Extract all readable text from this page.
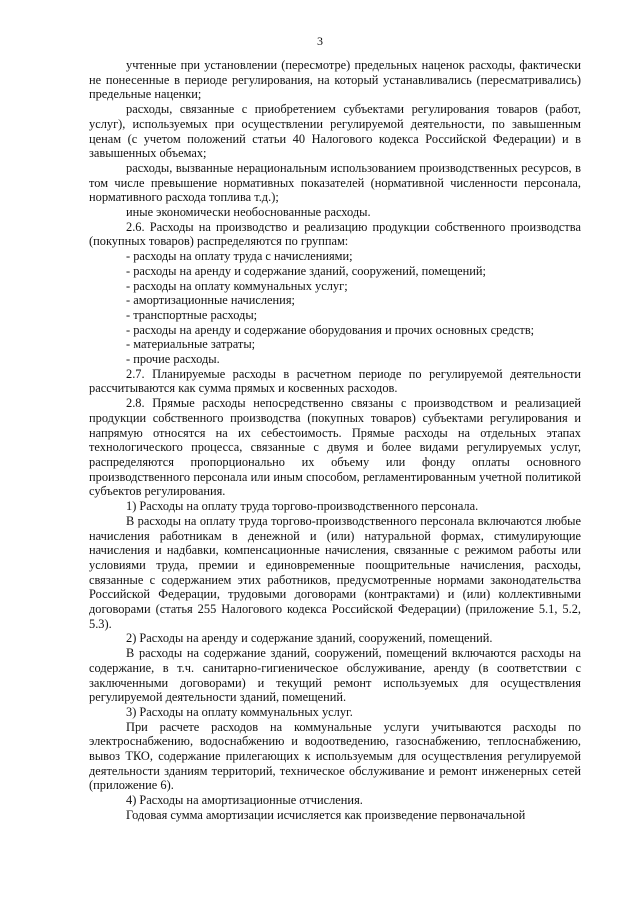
3

учтенные при установлении (пересмотре) предельных наценок расходы, фактически не понесенные в периоде регулирования, на который устанавливались (пересматривались) предельные наценки;

расходы, связанные с приобретением субъектами регулирования товаров (работ, услуг), используемых при осуществлении регулируемой деятельности, по завышенным ценам (с учетом положений статьи 40 Налогового кодекса Российской Федерации) и в завышенных объемах;

расходы, вызванные нерациональным использованием производственных ресурсов, в том числе превышение нормативных показателей (нормативной численности персонала, нормативного расхода топлива т.д.);

иные экономически необоснованные расходы.

2.6. Расходы на производство и реализацию продукции собственного производства (покупных товаров) распределяются по группам:

- расходы на оплату труда с начислениями;

- расходы на аренду и содержание зданий, сооружений, помещений;

- расходы на оплату коммунальных услуг;

- амортизационные начисления;

- транспортные расходы;

- расходы на аренду и содержание оборудования и прочих основных средств;

- материальные затраты;

- прочие расходы.

2.7. Планируемые расходы в расчетном периоде по регулируемой деятельности рассчитываются как сумма прямых и косвенных расходов.

2.8. Прямые расходы непосредственно связаны с производством и реализацией продукции собственного производства (покупных товаров) субъектами регулирования и напрямую относятся на их себестоимость. Прямые расходы на отдельных этапах технологического процесса, связанные с двумя и более видами регулируемых услуг, распределяются пропорционально их объему или фонду оплаты основного производственного персонала или иным способом, регламентированным учетной политикой субъектов регулирования.

1) Расходы на оплату труда торгово-производственного персонала.

В расходы на оплату труда торгово-производственного персонала включаются любые начисления работникам в денежной и (или) натуральной формах, стимулирующие начисления и надбавки, компенсационные начисления, связанные с режимом работы или условиями труда, премии и единовременные поощрительные начисления, расходы, связанные с содержанием этих работников, предусмотренные нормами законодательства Российской Федерации, трудовыми договорами (контрактами) и (или) коллективными договорами (статья 255 Налогового кодекса Российской Федерации) (приложение 5.1, 5.2, 5.3).

2) Расходы на аренду и содержание зданий, сооружений, помещений.

В расходы на содержание зданий, сооружений, помещений включаются расходы на содержание, в т.ч. санитарно-гигиеническое обслуживание, аренду (в соответствии с заключенными договорами) и текущий ремонт используемых для осуществления регулируемой деятельности зданий, помещений.

3) Расходы на оплату коммунальных услуг.

При расчете расходов на коммунальные услуги учитываются расходы по электроснабжению, водоснабжению и водоотведению, газоснабжению, теплоснабжению, вывоз ТКО, содержание прилегающих к используемым для осуществления регулируемой деятельности зданиям территорий, техническое обслуживание и ремонт инженерных сетей (приложение 6).

4) Расходы на амортизационные отчисления.

Годовая сумма амортизации исчисляется как произведение первоначальной
